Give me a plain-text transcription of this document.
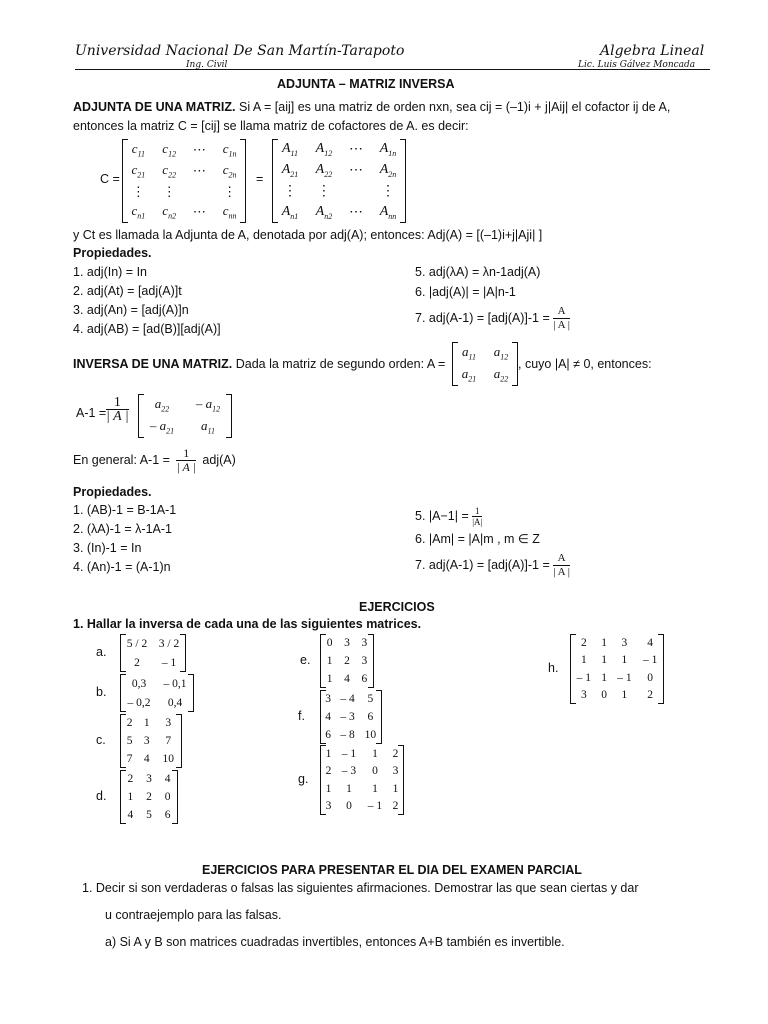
Universidad Nacional De San Martín-Tarapoto	Algebra Lineal
Ing. Civil	Lic. Luis Gálvez Moncada
ADJUNTA – MATRIZ INVERSA
ADJUNTA DE UNA MATRIZ. Si A = [aij] es una matriz de orden nxn, sea cij = (–1)i + j|Aij| el cofactor ij de A,
entonces la matriz C = [cij] se llama matriz de cofactores de A. es decir:
C =
$c_{11}$	$c_{12}$	⋯	$c_{1n}$
$c_{21}$	$c_{22}$	⋯	$c_{2n}$
⋮	⋮		⋮
$c_{n1}$	$c_{n2}$	⋯	$c_{nn}$
=
$A_{11}$	$A_{12}$	⋯	$A_{1n}$
$A_{21}$	$A_{22}$	⋯	$A_{2n}$
⋮	⋮		⋮
$A_{n1}$	$A_{n2}$	⋯	$A_{nn}$
y Ct es llamada la Adjunta de A, denotada por adj(A); entonces: Adj(A) = [(–1)i+j|Aji| ]
Propiedades.
1. adj(In) = In
2. adj(At) = [adj(A)]t
3. adj(An) = [adj(A)]n
4. adj(AB) = [ad(B)][adj(A)]
5. adj(λA) = λn-1adj(A)
6. |adj(A)| = |A|n-1
7. $adj(A-1) = [adj(A)]-1 = \frac{A}{| A |}$
INVERSA DE UNA MATRIZ. Dada la matriz de segundo orden: A =
$a_{11}$	$a_{12}$
$a_{21}$	$a_{22}$
, cuyo |A| ≠ 0, entonces:
$A-1 = \frac{1}{| A |} a_{22}$	– $a_{12}$
– $a_{21}$	$a_{11}$
En general: $A-1 = \frac{1}{| A |} adj(A)$
Propiedades.
1. (AB)-1 = B-1A-1
2. (λA)-1 = λ-1A-1
3. (In)-1 = In
4. (An)-1 = (A-1)n
5. $|A-1| = \frac{1}{|A|}$
6. |Am| = |A|m , m ∈ Z
7. $adj(A-1) = [adj(A)]-1 = \frac{A}{| A |}$
EJERCICIOS
1. Hallar la inversa de cada una de las siguientes matrices.
a.
5 / 2	3 / 2
2	– 1
b.
0,3	– 0,1
– 0,2	0,4
c.
2	1	3
5	3	7
7	4	10
d.
2	3	4
1	2	0
4	5	6
e.
0	3	3
1	2	3
1	4	6
f.
3	– 4	5
4	– 3	6
6	– 8	10
g.
1	– 1	1	2
2	– 3	0	3
1	1	1	1
3	0	– 1	2
h.
2	1	3	4
1	1	1	– 1
– 1	1	– 1	0
3	0	1	2
EJERCICIOS PARA PRESENTAR EL DIA DEL EXAMEN PARCIAL
1. Decir si son verdaderas o falsas las siguientes afirmaciones. Demostrar las que sean ciertas y dar
u contraejemplo para las falsas.
a) Si A y B son matrices cuadradas invertibles, entonces A+B también es invertible.
